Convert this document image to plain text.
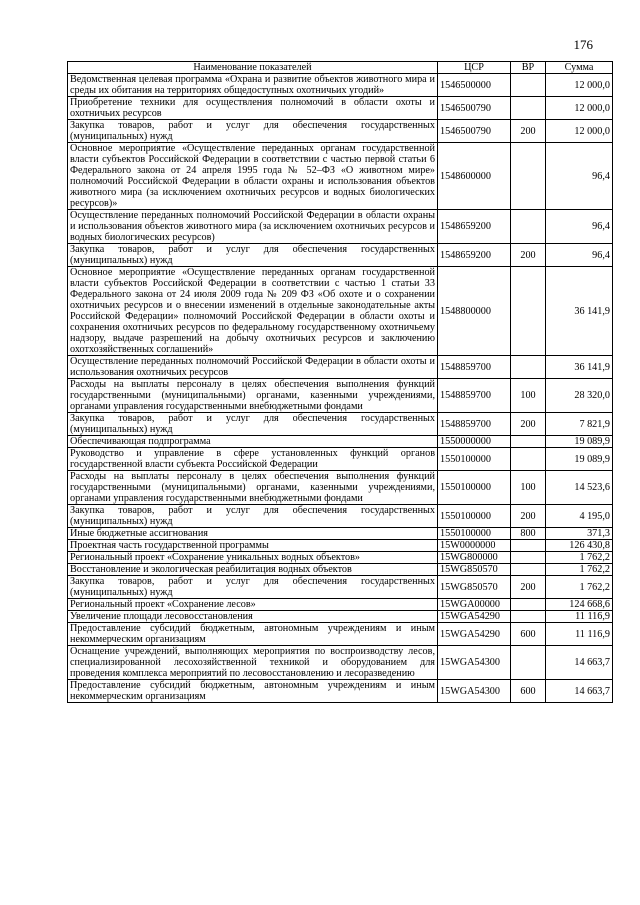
176
Наименование показателей	ЦСР	ВР	Сумма
Ведомственная целевая программа «Охрана и развитие объектов животного мира и среды их обитания на территориях общедоступных охотничьих угодий»	1546500000		12 000,0
Приобретение техники для осуществления полномочий в области охоты и охотничьих ресурсов	1546500790		12 000,0
Закупка товаров, работ и услуг для обеспечения государственных (муниципальных) нужд	1546500790	200	12 000,0
Основное мероприятие «Осуществление переданных органам государственной власти субъектов Российской Федерации в соответствии с частью первой статьи 6 Федерального закона от 24 апреля 1995 года № 52–ФЗ «О животном мире» полномочий Российской Федерации в области охраны и использования объектов животного мира (за исключением охотничьих ресурсов и водных биологических ресурсов)»	1548600000		96,4
Осуществление переданных полномочий Российской Федерации в области охраны и использования объектов животного мира (за исключением охотничьих ресурсов и водных биологических ресурсов)	1548659200		96,4
Закупка товаров, работ и услуг для обеспечения государственных (муниципальных) нужд	1548659200	200	96,4
Основное мероприятие «Осуществление переданных органам государственной власти субъектов Российской Федерации в соответствии с частью 1 статьи 33 Федерального закона от 24 июля 2009 года № 209 ФЗ «Об охоте и о сохранении охотничьих ресурсов и о внесении изменений в отдельные законодательные акты Российской Федерации» полномочий Российской Федерации в области охоты и сохранения охотничьих ресурсов по федеральному государственному охотничьему надзору, выдаче разрешений на добычу охотничьих ресурсов и заключению охотхозяйственных соглашений»	1548800000		36 141,9
Осуществление переданных полномочий Российской Федерации в области охоты и использования охотничьих ресурсов	1548859700		36 141,9
Расходы на выплаты персоналу в целях обеспечения выполнения функций государственными (муниципальными) органами, казенными учреждениями, органами управления государственными внебюджетными фондами	1548859700	100	28 320,0
Закупка товаров, работ и услуг для обеспечения государственных (муниципальных) нужд	1548859700	200	7 821,9
Обеспечивающая подпрограмма	1550000000		19 089,9
Руководство и управление в сфере установленных функций органов государственной власти субъекта Российской Федерации	1550100000		19 089,9
Расходы на выплаты персоналу в целях обеспечения выполнения функций государственными (муниципальными) органами, казенными учреждениями, органами управления государственными внебюджетными фондами	1550100000	100	14 523,6
Закупка товаров, работ и услуг для обеспечения государственных (муниципальных) нужд	1550100000	200	4 195,0
Иные бюджетные ассигнования	1550100000	800	371,3
Проектная часть государственной программы	15W0000000		126 430,8
Региональный проект «Сохранение уникальных водных объектов»	15WG800000		1 762,2
Восстановление и экологическая реабилитация водных объектов	15WG850570		1 762,2
Закупка товаров, работ и услуг для обеспечения государственных (муниципальных) нужд	15WG850570	200	1 762,2
Региональный проект «Сохранение лесов»	15WGA00000		124 668,6
Увеличение площади лесовосстановления	15WGA54290		11 116,9
Предоставление субсидий бюджетным, автономным учреждениям и иным некоммерческим организациям	15WGA54290	600	11 116,9
Оснащение учреждений, выполняющих мероприятия по воспроизводству лесов, специализированной лесохозяйственной техникой и оборудованием для проведения комплекса мероприятий по лесовосстановлению и лесоразведению	15WGA54300		14 663,7
Предоставление субсидий бюджетным, автономным учреждениям и иным некоммерческим организациям	15WGA54300	600	14 663,7
